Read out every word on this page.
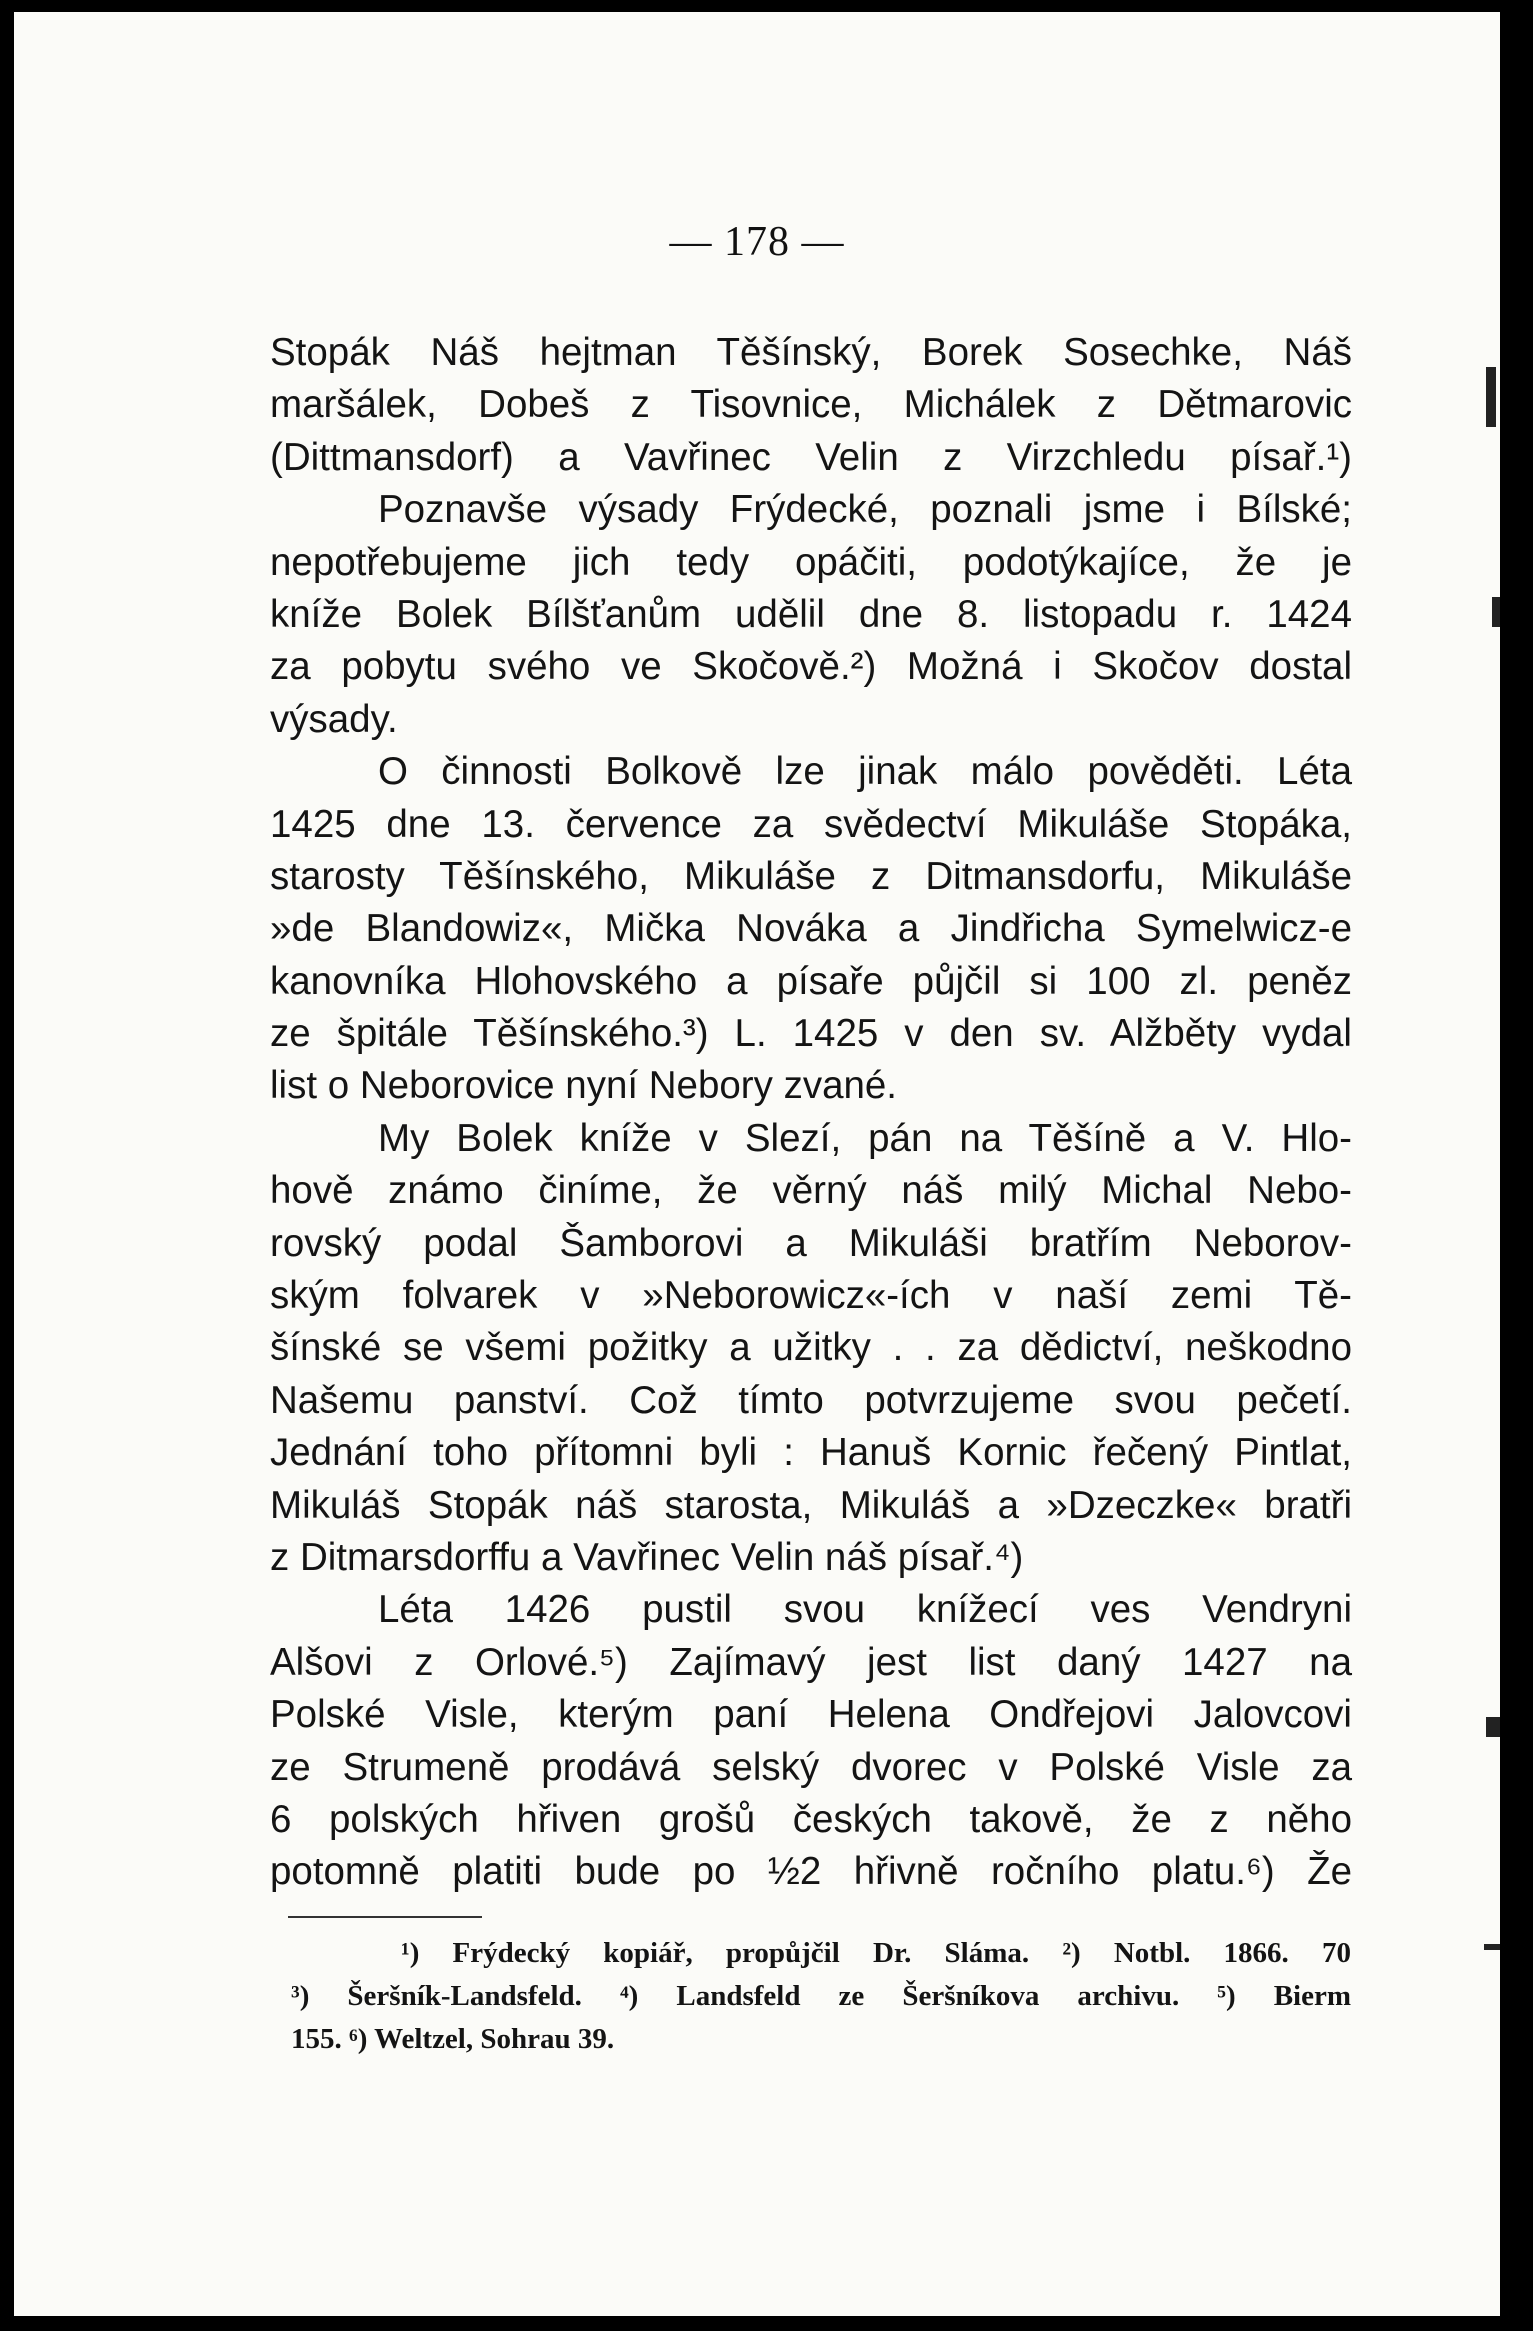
— 178 —
Stopák Náš hejtman Těšínský, Borek Sosechke, Náš
maršálek, Dobeš z Tisovnice, Michálek z Dětmarovic
(Dittmansdorf) a Vavřinec Velin z Virzchledu písař.¹)
Poznavše výsady Frýdecké, poznali jsme i Bílské;
nepotřebujeme jich tedy opáčiti, podotýkajíce, že je
kníže Bolek Bílšťanům udělil dne 8. listopadu r. 1424
za pobytu svého ve Skočově.²) Možná i Skočov dostal
výsady.
O činnosti Bolkově lze jinak málo pověděti. Léta
1425 dne 13. července za svědectví Mikuláše Stopáka,
starosty Těšínského, Mikuláše z Ditmansdorfu, Mikuláše
»de Blandowiz«, Mička Nováka a Jindřicha Symelwicz-e
kanovníka Hlohovského a písaře půjčil si 100 zl. peněz
ze špitále Těšínského.³) L. 1425 v den sv. Alžběty vydal
list o Neborovice nyní Nebory zvané.
My Bolek kníže v Slezí, pán na Těšíně a V. Hlo-
hově známo činíme, že věrný náš milý Michal Nebo-
rovský podal Šamborovi a Mikuláši bratřím Neborov-
ským folvarek v »Neborowicz«-ích v naší zemi Tě-
šínské se všemi požitky a užitky . . za dědictví, neškodno
Našemu panství. Což tímto potvrzujeme svou pečetí.
Jednání toho přítomni byli : Hanuš Kornic řečený Pintlat,
Mikuláš Stopák náš starosta, Mikuláš a »Dzeczke« bratři
z Ditmarsdorffu a Vavřinec Velin náš písař.⁴)
Léta 1426 pustil svou knížecí ves Vendryni
Alšovi z Orlové.⁵) Zajímavý jest list daný 1427 na
Polské Visle, kterým paní Helena Ondřejovi Jalovcovi
ze Strumeně prodává selský dvorec v Polské Visle za
6 polských hřiven grošů českých takově, že z něho
potomně platiti bude po ½2 hřivně ročního platu.⁶) Že
¹) Frýdecký kopiář, propůjčil Dr. Sláma. ²) Notbl. 1866. 70
³) Šeršník-Landsfeld. ⁴) Landsfeld ze Šeršníkova archivu. ⁵) Bierm
155. ⁶) Weltzel, Sohrau 39.
